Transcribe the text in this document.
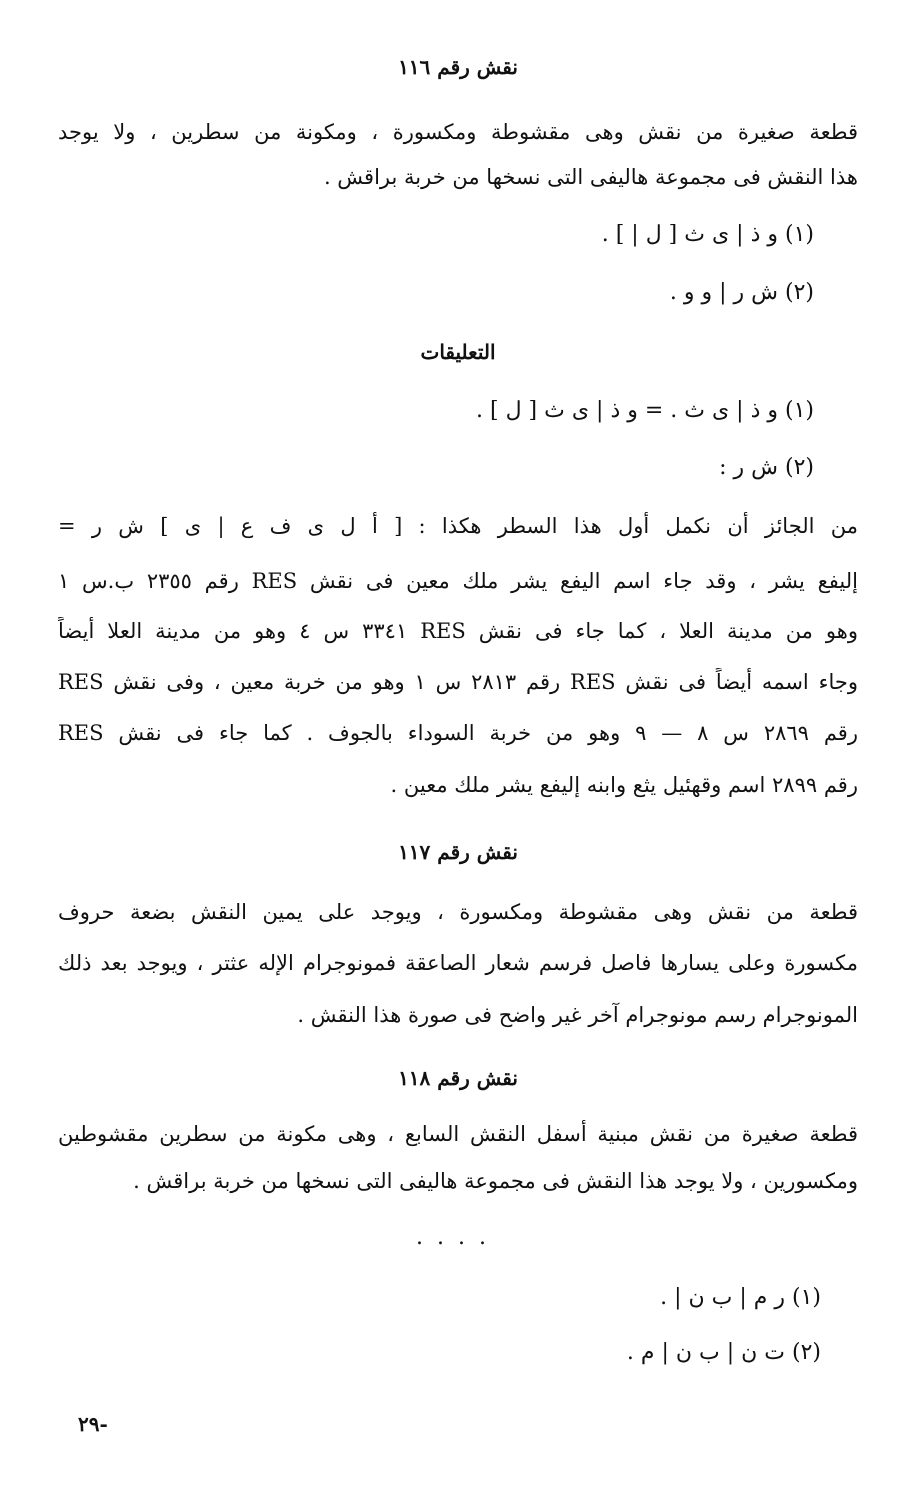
نقش رقم ١١٦
قطعة صغيرة من نقش وهى مقشوطة ومكسورة ، ومكونة من سطرين ، ولا يوجد
هذا النقش فى مجموعة هاليفى التى نسخها من خربة براقش .
(١) و ذ | ى ث [ ل | ] .
(٢) ش ر | و و .
التعليقات
(١) و ذ | ى ث . = و ذ | ى ث [ ل ] .
(٢) ش ر :
من الجائز أن نكمل أول هذا السطر هكذا : [ أ ل ى ف ع | ى ] ش ر =
إليفع يشر ، وقد جاء اسم اليفع يشر ملك معين فى نقش RES رقم ٢٣٥٥ ب.س ١
وهو من مدينة العلا ، كما جاء فى نقش RES ٣٣٤١ س ٤ وهو من مدينة العلا أيضاً
وجاء اسمه أيضاً فى نقش RES رقم ٢٨١٣ س ١ وهو من خربة معين ، وفى نقش RES
رقم ٢٨٦٩ س ٨ — ٩ وهو من خربة السوداء بالجوف . كما جاء فى نقش RES
رقم ٢٨٩٩ اسم وقهئيل يثع وابنه إليفع يشر ملك معين .
نقش رقم ١١٧
قطعة من نقش وهى مقشوطة ومكسورة ، ويوجد على يمين النقش بضعة حروف
مكسورة وعلى يسارها فاصل فرسم شعار الصاعقة فمونوجرام الإله عثتر ، ويوجد بعد ذلك
المونوجرام رسم مونوجرام آخر غير واضح فى صورة هذا النقش .
نقش رقم ١١٨
قطعة صغيرة من نقش مبنية أسفل النقش السابع ، وهى مكونة من سطرين مقشوطين
ومكسورين ، ولا يوجد هذا النقش فى مجموعة هاليفى التى نسخها من خربة براقش .
....
(١) ر م | ب ن | .
(٢) ت ن | ب ن | م .
-٢٩
